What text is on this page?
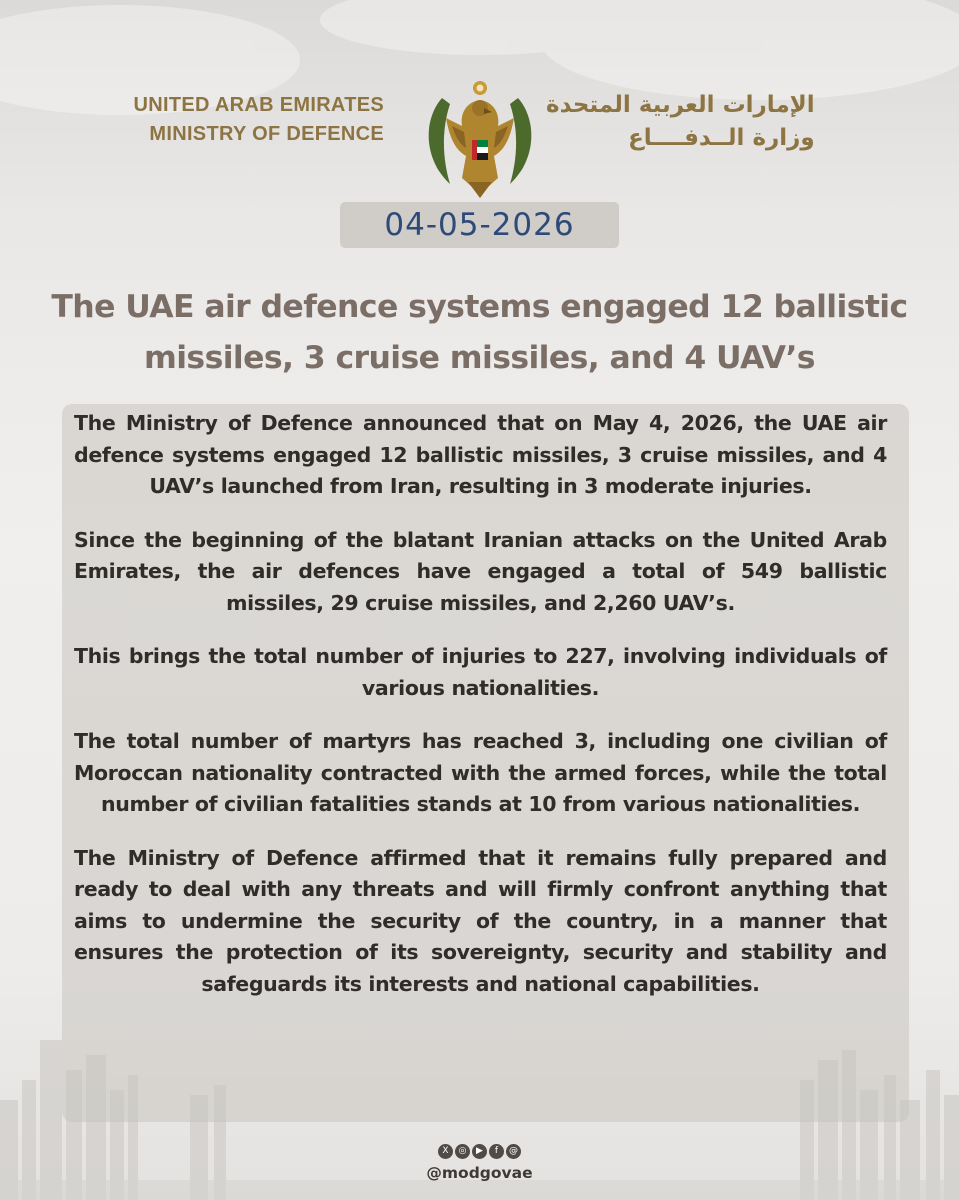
UNITED ARAB EMIRATES
MINISTRY OF DEFENCE
الإمارات العربية المتحدة
وزارة الــدفــــاع
04-05-2026
The UAE air defence systems engaged 12 ballistic missiles, 3 cruise missiles, and 4 UAV’s

The Ministry of Defence announced that on May 4, 2026, the UAE air defence systems engaged 12 ballistic missiles, 3 cruise missiles, and 4 UAV’s launched from Iran, resulting in 3 moderate injuries.

Since the beginning of the blatant Iranian attacks on the United Arab Emirates, the air defences have engaged a total of 549 ballistic missiles, 29 cruise missiles, and 2,260 UAV’s.

This brings the total number of injuries to 227, involving individuals of various nationalities.

The total number of martyrs has reached 3, including one civilian of Moroccan nationality contracted with the armed forces, while the total number of civilian fatalities stands at 10 from various nationalities.

The Ministry of Defence affirmed that it remains fully prepared and ready to deal with any threats and will firmly confront anything that aims to undermine the security of the country, in a manner that ensures the protection of its sovereignty, security and stability and safeguards its interests and national capabilities.

X ◎ ▶ f @
@modgovae
